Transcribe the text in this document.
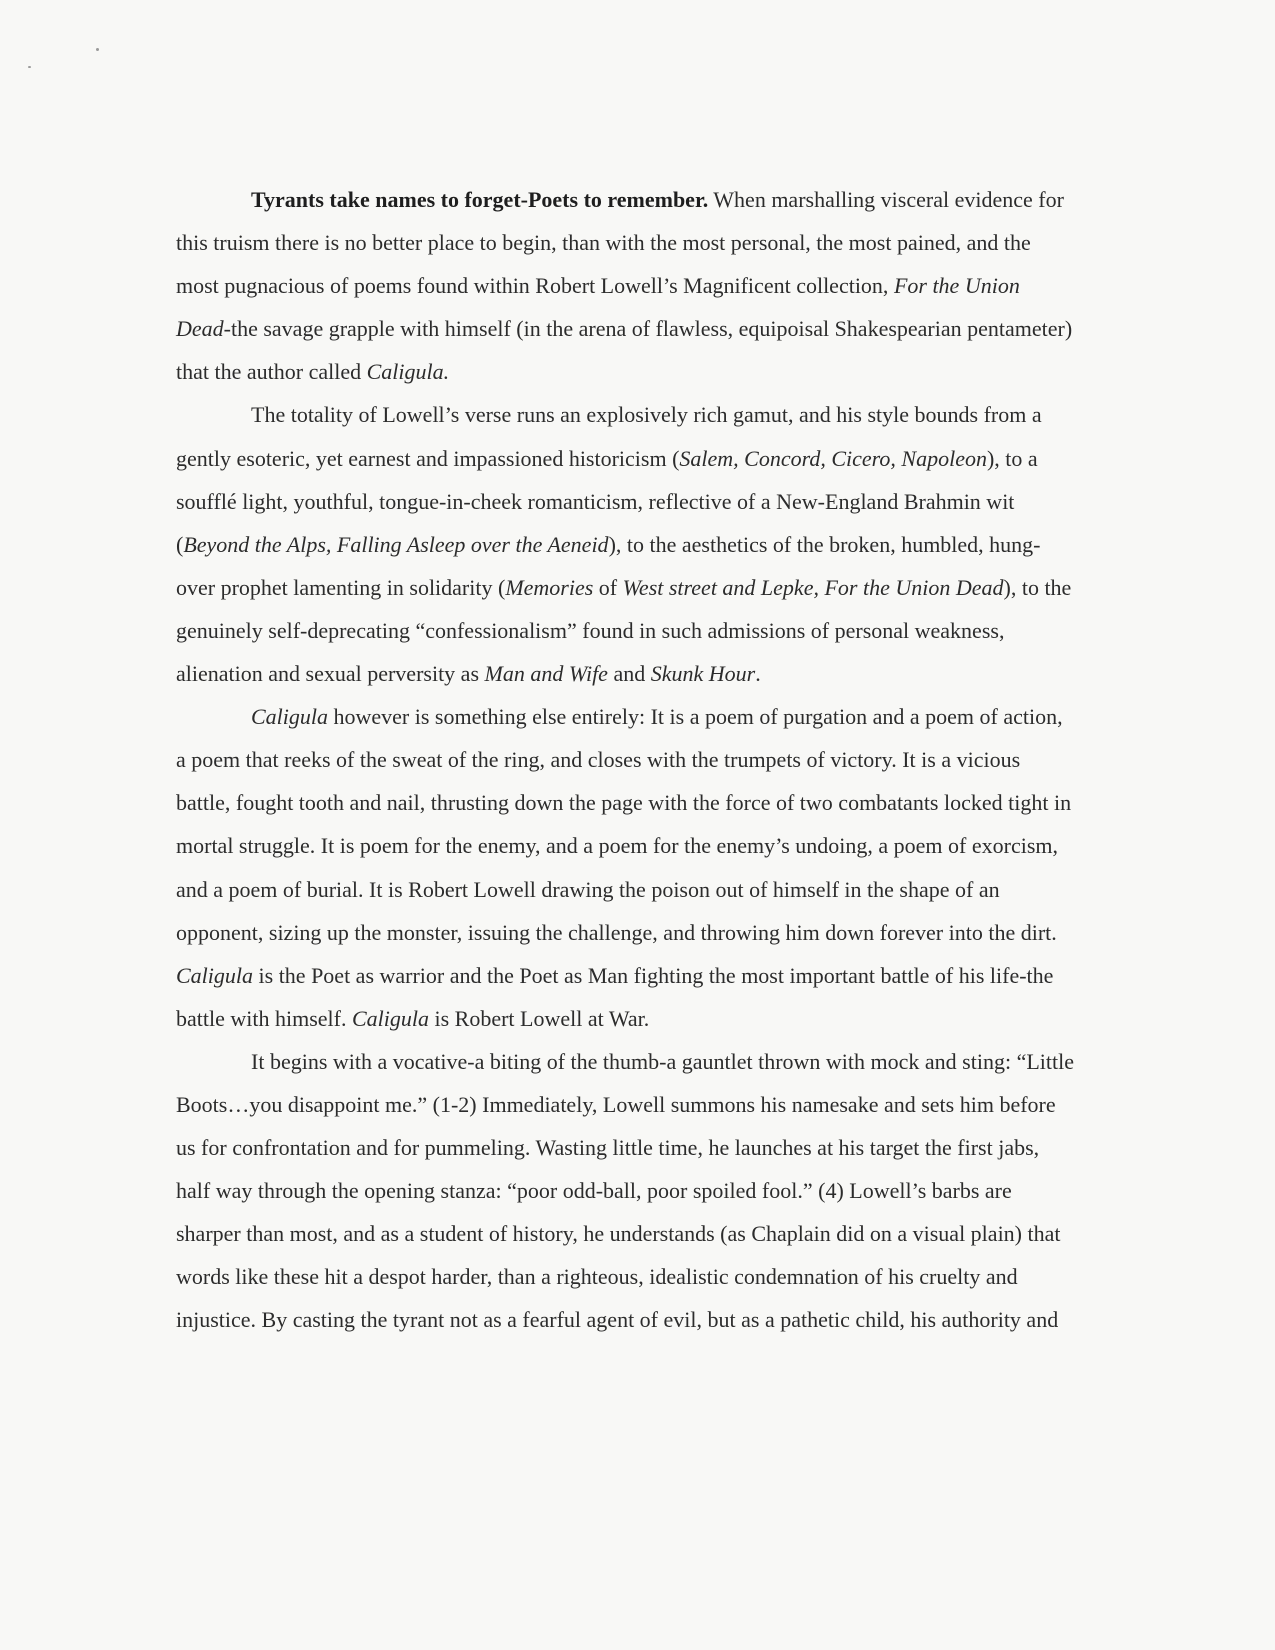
Tyrants take names to forget-Poets to remember. When marshalling visceral evidence for this truism there is no better place to begin, than with the most personal, the most pained, and the most pugnacious of poems found within Robert Lowell’s Magnificent collection, For the Union Dead-the savage grapple with himself (in the arena of flawless, equipoisal Shakespearian pentameter) that the author called Caligula.

The totality of Lowell’s verse runs an explosively rich gamut, and his style bounds from a gently esoteric, yet earnest and impassioned historicism (Salem, Concord, Cicero, Napoleon), to a soufflé light, youthful, tongue-in-cheek romanticism, reflective of a New-England Brahmin wit (Beyond the Alps, Falling Asleep over the Aeneid), to the aesthetics of the broken, humbled, hung-over prophet lamenting in solidarity (Memories of West street and Lepke, For the Union Dead), to the genuinely self-deprecating “confessionalism” found in such admissions of personal weakness, alienation and sexual perversity as Man and Wife and Skunk Hour.

Caligula however is something else entirely: It is a poem of purgation and a poem of action, a poem that reeks of the sweat of the ring, and closes with the trumpets of victory. It is a vicious battle, fought tooth and nail, thrusting down the page with the force of two combatants locked tight in mortal struggle. It is poem for the enemy, and a poem for the enemy’s undoing, a poem of exorcism, and a poem of burial. It is Robert Lowell drawing the poison out of himself in the shape of an opponent, sizing up the monster, issuing the challenge, and throwing him down forever into the dirt. Caligula is the Poet as warrior and the Poet as Man fighting the most important battle of his life-the battle with himself. Caligula is Robert Lowell at War.

It begins with a vocative-a biting of the thumb-a gauntlet thrown with mock and sting: “Little Boots…you disappoint me.” (1-2) Immediately, Lowell summons his namesake and sets him before us for confrontation and for pummeling. Wasting little time, he launches at his target the first jabs, half way through the opening stanza: “poor odd-ball, poor spoiled fool.” (4) Lowell’s barbs are sharper than most, and as a student of history, he understands (as Chaplain did on a visual plain) that words like these hit a despot harder, than a righteous, idealistic condemnation of his cruelty and injustice. By casting the tyrant not as a fearful agent of evil, but as a pathetic child, his authority and
